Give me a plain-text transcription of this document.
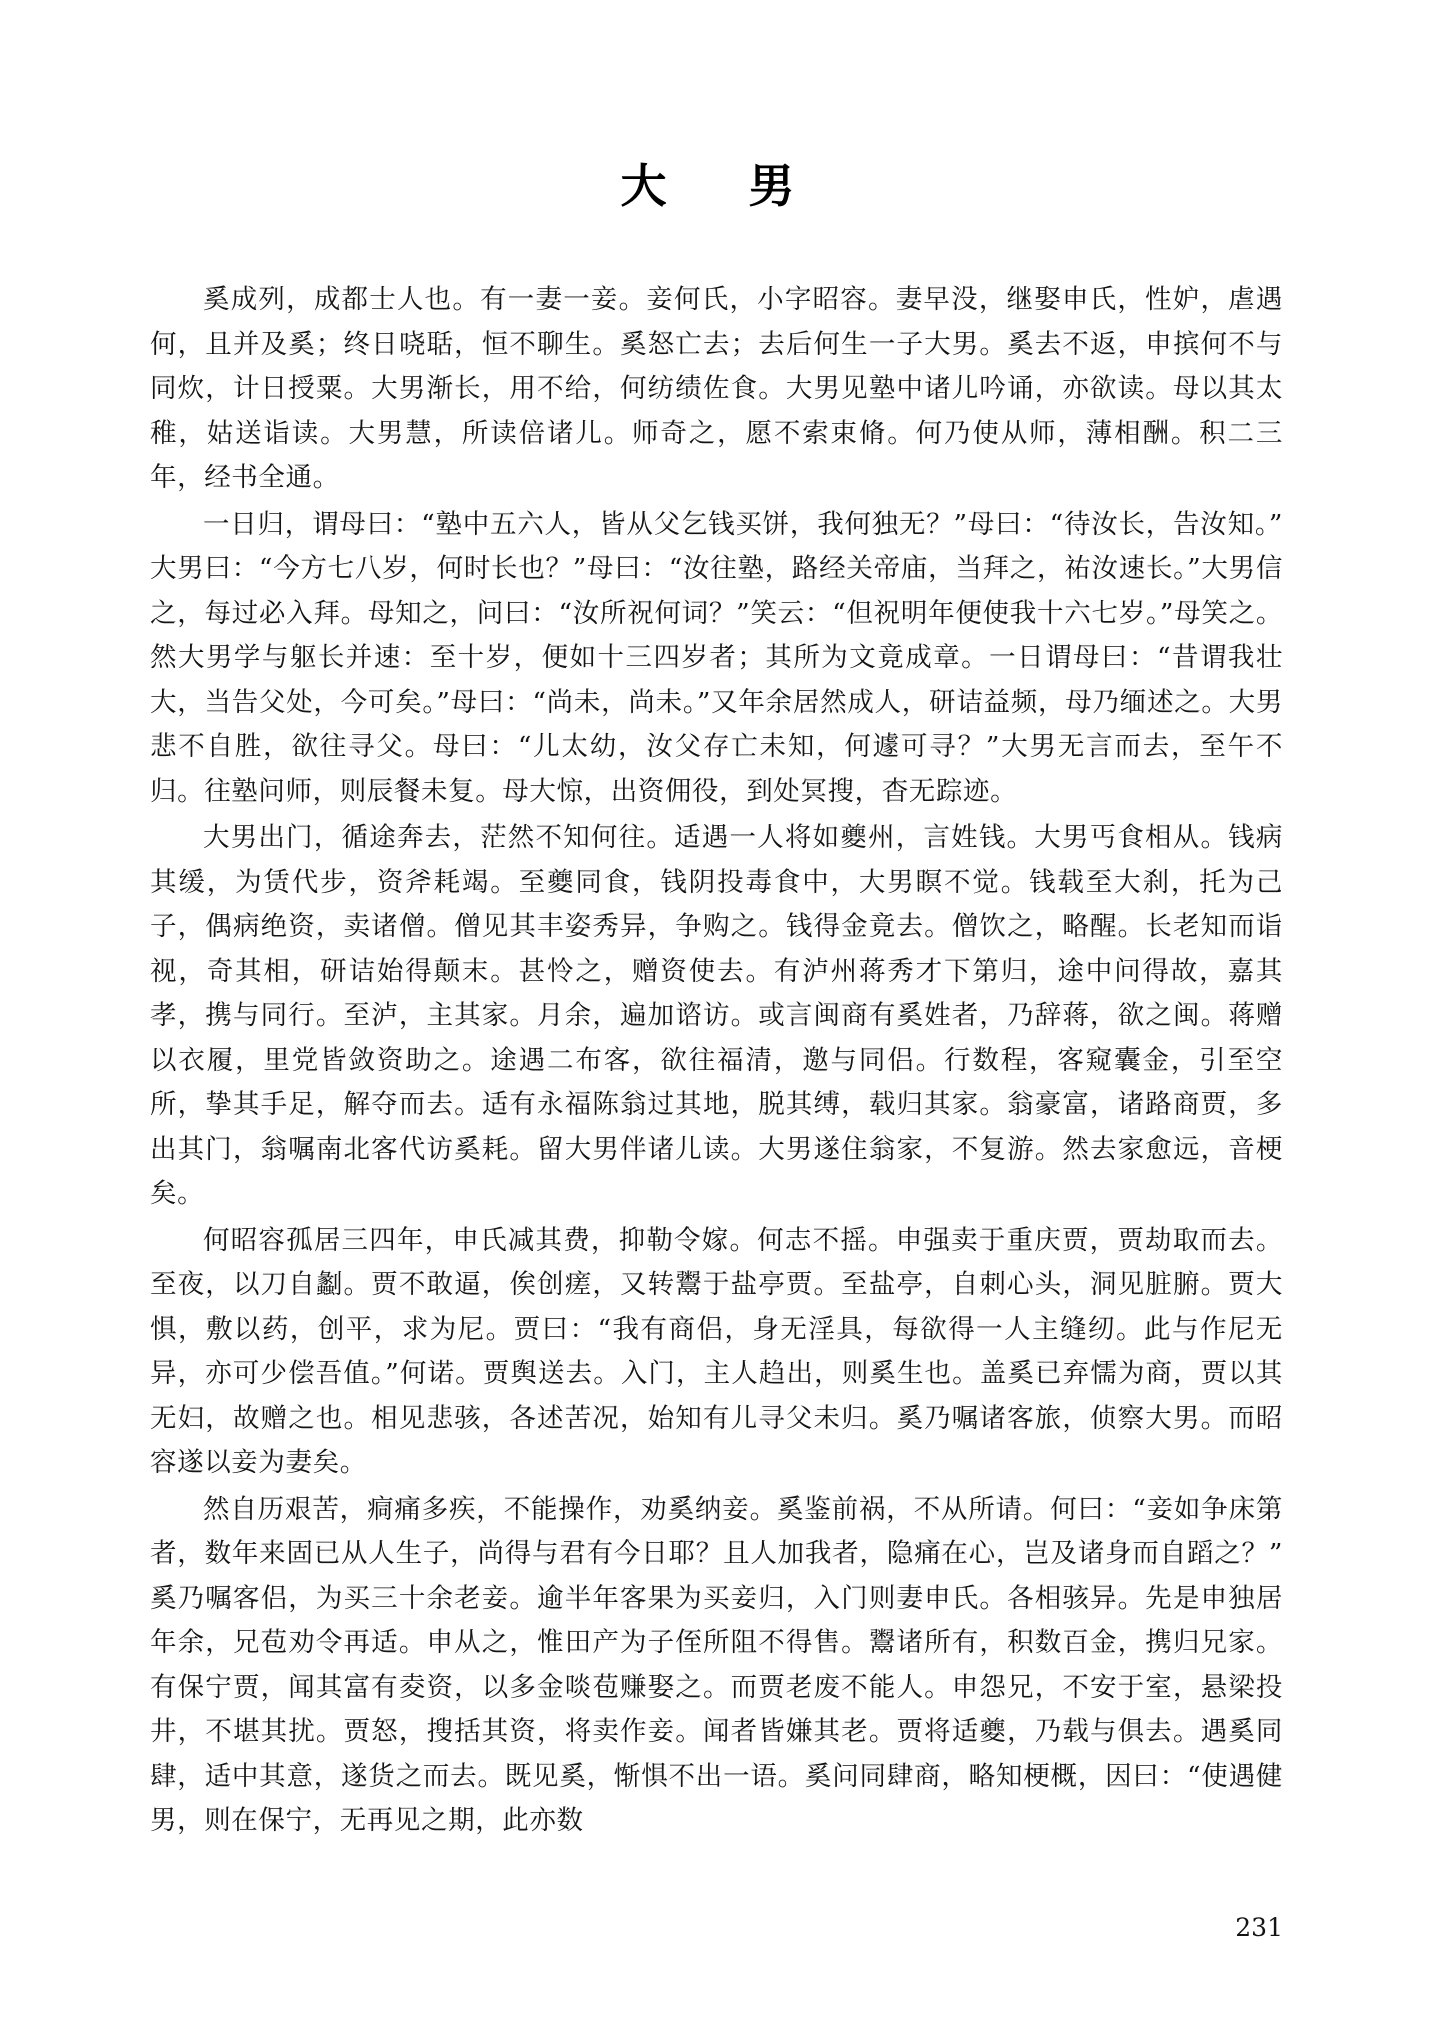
大　男

奚成列，成都士人也。有一妻一妾。妾何氏，小字昭容。妻早没，继娶申氏，性妒，虐遇何，且并及奚；终日哓聒，恒不聊生。奚怒亡去；去后何生一子大男。奚去不返，申摈何不与同炊，计日授粟。大男渐长，用不给，何纺绩佐食。大男见塾中诸儿吟诵，亦欲读。母以其太稚，姑送诣读。大男慧，所读倍诸儿。师奇之，愿不索束脩。何乃使从师，薄相酬。积二三年，经书全通。

一日归，谓母曰：“塾中五六人，皆从父乞钱买饼，我何独无？”母曰：“待汝长，告汝知。”大男曰：“今方七八岁，何时长也？”母曰：“汝往塾，路经关帝庙，当拜之，祐汝速长。”大男信之，每过必入拜。母知之，问曰：“汝所祝何词？”笑云：“但祝明年便使我十六七岁。”母笑之。然大男学与躯长并速：至十岁，便如十三四岁者；其所为文竟成章。一日谓母曰：“昔谓我壮大，当告父处，今可矣。”母曰：“尚未，尚未。”又年余居然成人，研诘益频，母乃缅述之。大男悲不自胜，欲往寻父。母曰：“儿太幼，汝父存亡未知，何遽可寻？”大男无言而去，至午不归。往塾问师，则辰餐未复。母大惊，出资佣役，到处冥搜，杳无踪迹。

大男出门，循途奔去，茫然不知何往。适遇一人将如夔州，言姓钱。大男丐食相从。钱病其缓，为赁代步，资斧耗竭。至夔同食，钱阴投毒食中，大男瞑不觉。钱载至大刹，托为己子，偶病绝资，卖诸僧。僧见其丰姿秀异，争购之。钱得金竟去。僧饮之，略醒。长老知而诣视，奇其相，研诘始得颠末。甚怜之，赠资使去。有泸州蒋秀才下第归，途中问得故，嘉其孝，携与同行。至泸，主其家。月余，遍加谘访。或言闽商有奚姓者，乃辞蒋，欲之闽。蒋赠以衣履，里党皆敛资助之。途遇二布客，欲往福清，邀与同侣。行数程，客窥囊金，引至空所，挚其手足，解夺而去。适有永福陈翁过其地，脱其缚，载归其家。翁豪富，诸路商贾，多出其门，翁嘱南北客代访奚耗。留大男伴诸儿读。大男遂住翁家，不复游。然去家愈远，音梗矣。

何昭容孤居三四年，申氏减其费，抑勒令嫁。何志不摇。申强卖于重庆贾，贾劫取而去。至夜，以刀自劙。贾不敢逼，俟创瘥，又转鬻于盐亭贾。至盐亭，自刺心头，洞见脏腑。贾大惧，敷以药，创平，求为尼。贾曰：“我有商侣，身无淫具，每欲得一人主缝纫。此与作尼无异，亦可少偿吾值。”何诺。贾舆送去。入门，主人趋出，则奚生也。盖奚已弃懦为商，贾以其无妇，故赠之也。相见悲骇，各述苦况，始知有儿寻父未归。奚乃嘱诸客旅，侦察大男。而昭容遂以妾为妻矣。

然自历艰苦，痌痛多疾，不能操作，劝奚纳妾。奚鉴前祸，不从所请。何曰：“妾如争床第者，数年来固已从人生子，尚得与君有今日耶？且人加我者，隐痛在心，岂及诸身而自蹈之？”奚乃嘱客侣，为买三十余老妾。逾半年客果为买妾归，入门则妻申氏。各相骇异。先是申独居年余，兄苞劝令再适。申从之，惟田产为子侄所阻不得售。鬻诸所有，积数百金，携归兄家。有保宁贾，闻其富有夌资，以多金啖苞赚娶之。而贾老废不能人。申怨兄，不安于室，悬梁投井，不堪其扰。贾怒，搜括其资，将卖作妾。闻者皆嫌其老。贾将适夔，乃载与俱去。遇奚同肆，适中其意，遂货之而去。既见奚，惭惧不出一语。奚问同肆商，略知梗概，因曰：“使遇健男，则在保宁，无再见之期，此亦数

231
